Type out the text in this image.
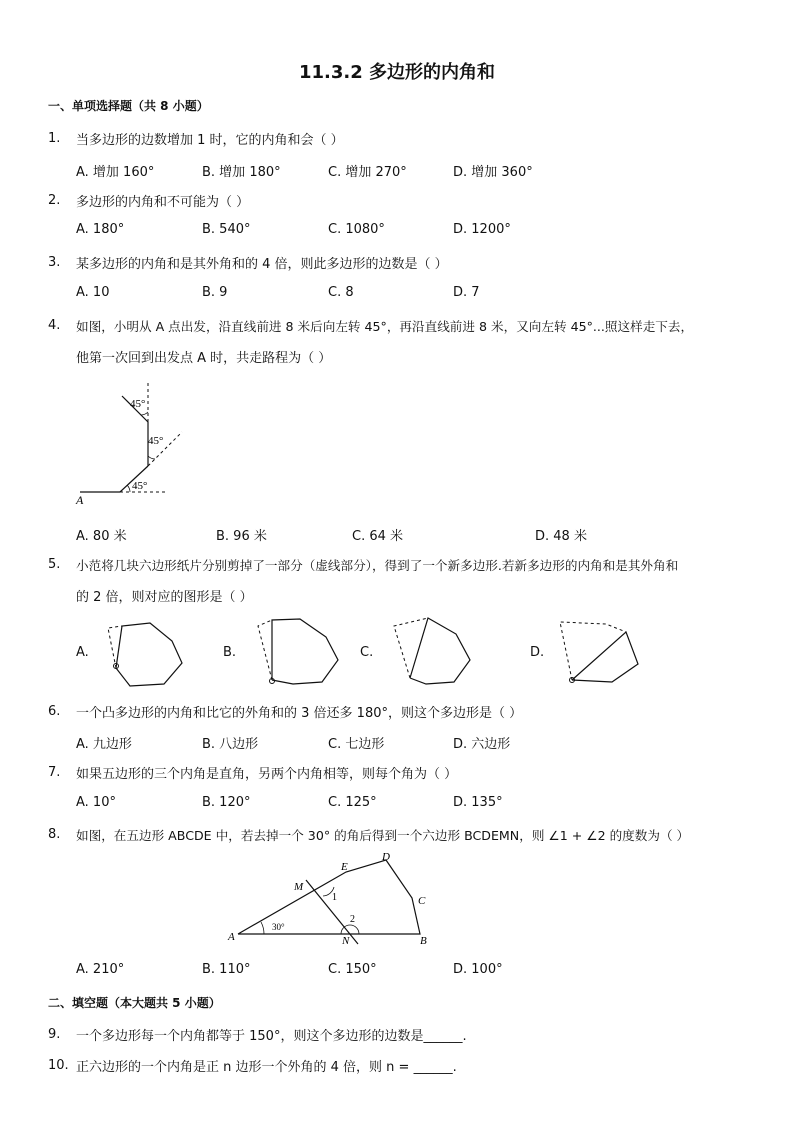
11.3.2 多边形的内角和
一、单项选择题（共 8 小题）
1. 当多边形的边数增加 1 时，它的内角和会（ ）
A. 增加 160°	B. 增加 180°	C. 增加 270°	D. 增加 360°
2. 多边形的内角和不可能为（ ）
A. 180°	B. 540°	C. 1080°	D. 1200°
3. 某多边形的内角和是其外角和的 4 倍，则此多边形的边数是（ ）
A. 10	B. 9	C. 8	D. 7
4. 如图，小明从 A 点出发，沿直线前进 8 米后向左转 45°，再沿直线前进 8 米，又向左转 45°...照这样走下去，
他第一次回到出发点 A 时，共走路程为（ ）
A
45°
45°
45°
A. 80 米	B. 96 米	C. 64 米	D. 48 米
5. 小范将几块六边形纸片分别剪掉了一部分（虚线部分），得到了一个新多边形.若新多边形的内角和是其外角和
的 2 倍，则对应的图形是（ ）
A.	B.	C.	D.
6. 一个凸多边形的内角和比它的外角和的 3 倍还多 180°，则这个多边形是（ ）
A. 九边形	B. 八边形	C. 七边形	D. 六边形
7. 如果五边形的三个内角是直角，另两个内角相等，则每个角为（ ）
A. 10°	B. 120°	C. 125°	D. 135°
8. 如图，在五边形 ABCDE 中，若去掉一个 30° 的角后得到一个六边形 BCDEMN，则 ∠1 + ∠2 的度数为（ ）
A	B
C
D
E
M
N
1
2
30°
A. 210°	B. 110°	C. 150°	D. 100°
二、填空题（本大题共 5 小题）
9. 一个多边形每一个内角都等于 150°，则这个多边形的边数是______.
10. 正六边形的一个内角是正 n 边形一个外角的 4 倍，则 n = ______.
